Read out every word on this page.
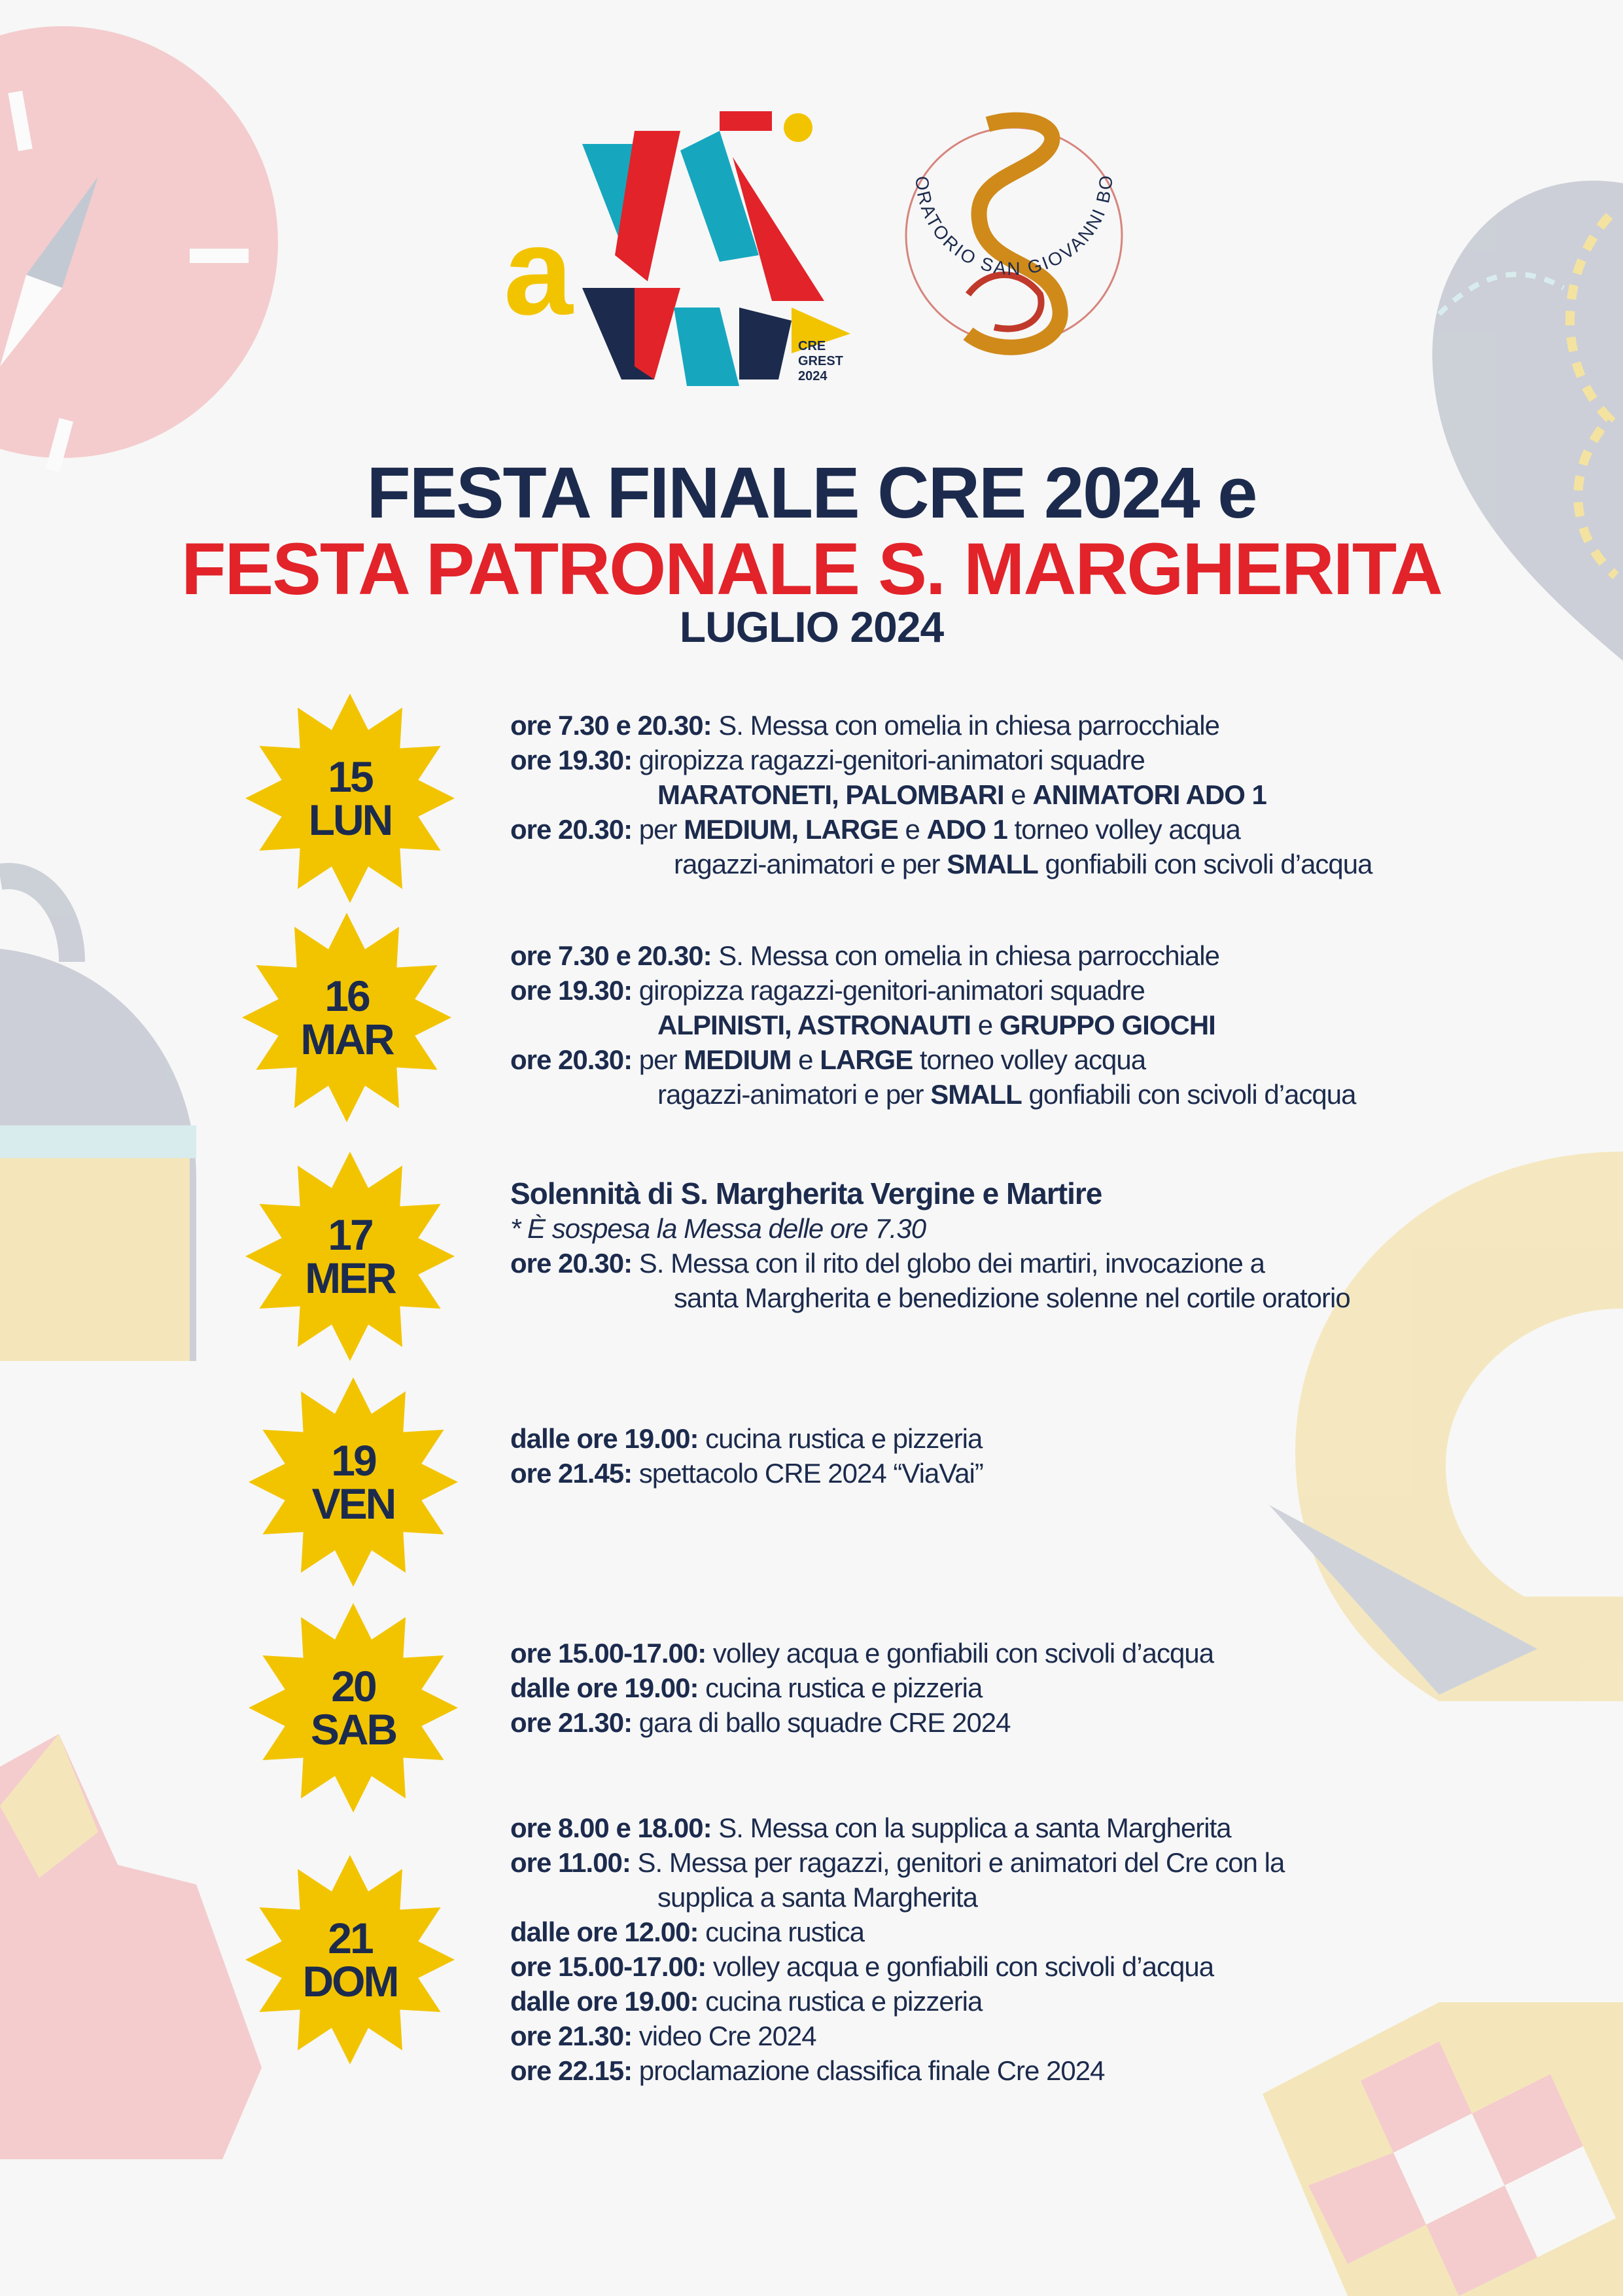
a
CRE
GREST
2024
ORATORIO SAN GIOVANNI BO
FESTA FINALE CRE 2024 e
FESTA PATRONALE S. MARGHERITA
LUGLIO 2024
15
LUN
16
MAR
17
MER
19
VEN
20
SAB
21
DOM
ore 7.30 e 20.30: S. Messa con omelia in chiesa parrocchiale
ore 19.30: giropizza ragazzi-genitori-animatori squadre
MARATONETI, PALOMBARI e ANIMATORI ADO 1
ore 20.30: per MEDIUM, LARGE e ADO 1 torneo volley acqua
ragazzi-animatori e per SMALL gonfiabili con scivoli d’acqua
ore 7.30 e 20.30: S. Messa con omelia in chiesa parrocchiale
ore 19.30: giropizza ragazzi-genitori-animatori squadre
ALPINISTI, ASTRONAUTI e GRUPPO GIOCHI
ore 20.30: per MEDIUM e LARGE torneo volley acqua
ragazzi-animatori e per SMALL gonfiabili con scivoli d’acqua
Solennità di S. Margherita Vergine e Martire
* È sospesa la Messa delle ore 7.30
ore 20.30: S. Messa con il rito del globo dei martiri, invocazione a
santa Margherita e benedizione solenne nel cortile oratorio
dalle ore 19.00: cucina rustica e pizzeria
ore 21.45: spettacolo CRE 2024 “ViaVai”
ore 15.00-17.00: volley acqua e gonfiabili con scivoli d’acqua
dalle ore 19.00: cucina rustica e pizzeria
ore 21.30: gara di ballo squadre CRE 2024
ore 8.00 e 18.00: S. Messa con la supplica a santa Margherita
ore 11.00: S. Messa per ragazzi, genitori e animatori del Cre con la
supplica a santa Margherita
dalle ore 12.00: cucina rustica
ore 15.00-17.00: volley acqua e gonfiabili con scivoli d’acqua
dalle ore 19.00: cucina rustica e pizzeria
ore 21.30: video Cre 2024
ore 22.15: proclamazione classifica finale Cre 2024
